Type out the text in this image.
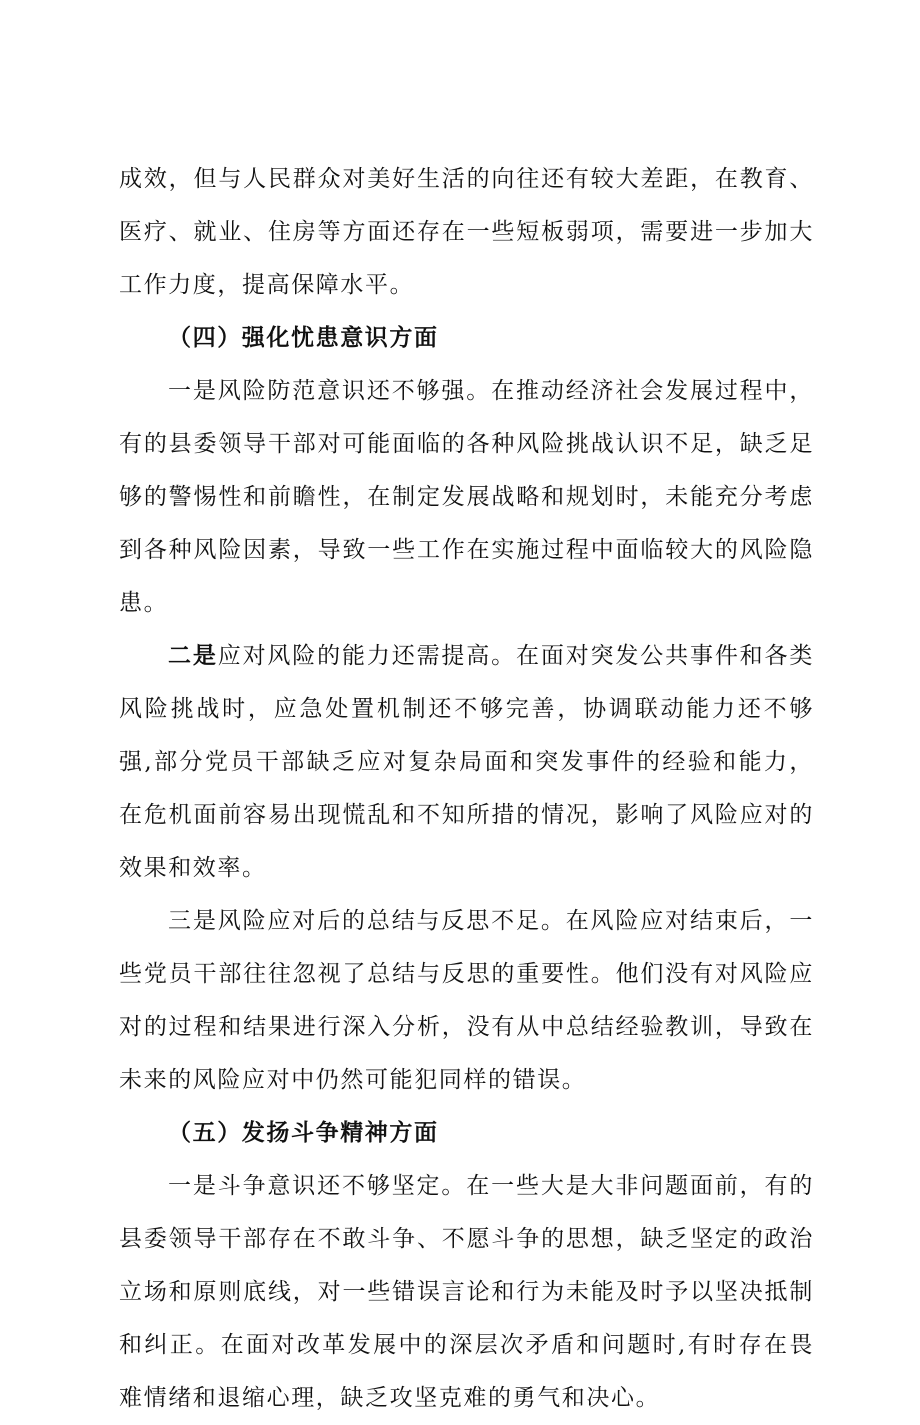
成效，但与人民群众对美好生活的向往还有较大差距，在教育、医疗、就业、住房等方面还存在一些短板弱项，需要进一步加大工作力度，提高保障水平。

（四）强化忧患意识方面

一是风险防范意识还不够强。在推动经济社会发展过程中，有的县委领导干部对可能面临的各种风险挑战认识不足，缺乏足够的警惕性和前瞻性，在制定发展战略和规划时，未能充分考虑到各种风险因素，导致一些工作在实施过程中面临较大的风险隐患。

二是应对风险的能力还需提高。在面对突发公共事件和各类风险挑战时，应急处置机制还不够完善，协调联动能力还不够强,部分党员干部缺乏应对复杂局面和突发事件的经验和能力，在危机面前容易出现慌乱和不知所措的情况，影响了风险应对的效果和效率。

三是风险应对后的总结与反思不足。在风险应对结束后，一些党员干部往往忽视了总结与反思的重要性。他们没有对风险应对的过程和结果进行深入分析，没有从中总结经验教训，导致在未来的风险应对中仍然可能犯同样的错误。

（五）发扬斗争精神方面

一是斗争意识还不够坚定。在一些大是大非问题面前，有的县委领导干部存在不敢斗争、不愿斗争的思想，缺乏坚定的政治立场和原则底线，对一些错误言论和行为未能及时予以坚决抵制和纠正。在面对改革发展中的深层次矛盾和问题时,有时存在畏难情绪和退缩心理，缺乏攻坚克难的勇气和决心。
